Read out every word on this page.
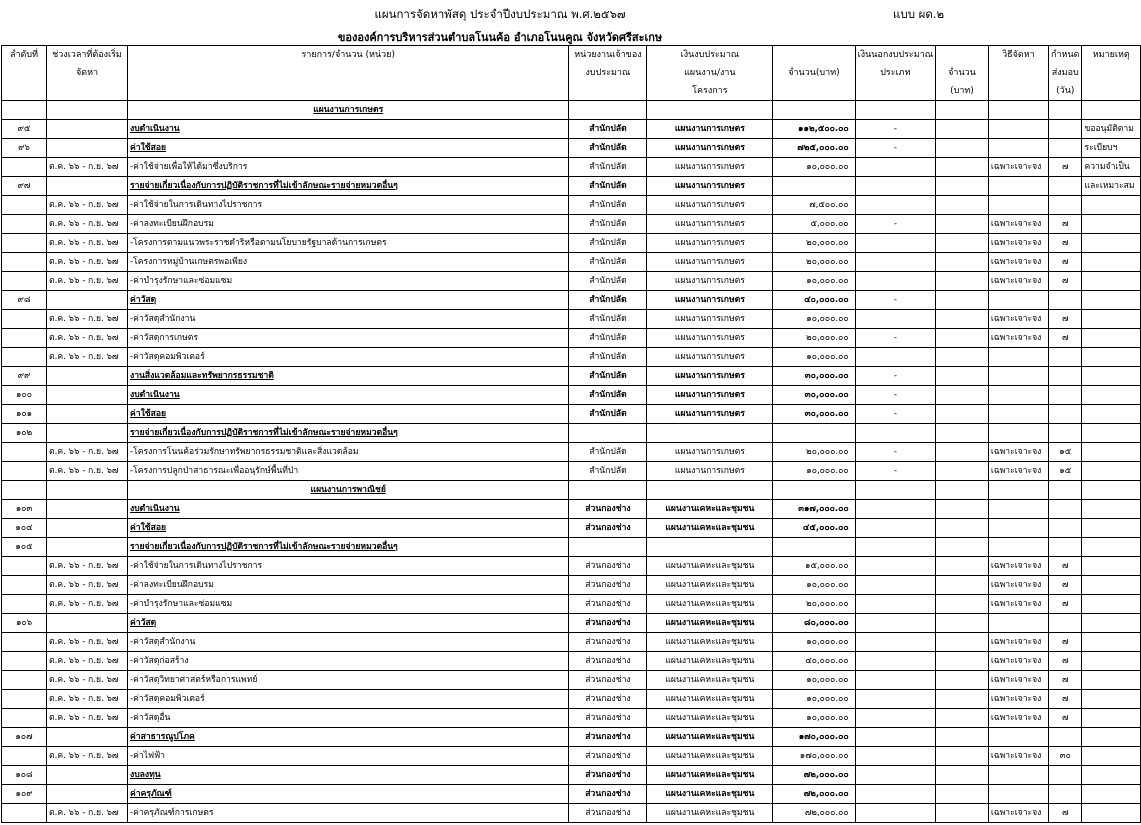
แผนการจัดหาพัสดุ ประจำปีงบประมาณ พ.ศ.๒๕๖๗	แบบ ผด.๒
ขององค์การบริหารส่วนตำบลโนนค้อ อำเภอโนนคูณ จังหวัดศรีสะเกษ
ลำดับที่	ช่วงเวลาที่ต้องเริ่ม	รายการ/จำนวน (หน่วย)	หน่วยงานเจ้าของ	เงินงบประมาณ		เงินนอกงบประมาณ		วิธีจัดหา	กำหนด	หมายเหตุ
	จัดหา		งบประมาณ	แผนงาน/งาน	จำนวน(บาท)	ประเภท	จำนวน		ส่งมอบ	
				โครงการ			(บาท)		(วัน)	
		แผนงานการเกษตร								
๙๕		งบดำเนินงาน	สำนักปลัด	แผนงานการเกษตร	๑๑๒,๕๐๐.๐๐	-				ขออนุมัติตาม
๙๖		ค่าใช้สอย	สำนักปลัด	แผนงานการเกษตร	๗๒๕,๐๐๐.๐๐	-				ระเบียบฯ
	ต.ค. ๖๖ - ก.ย. ๖๗	-ค่าใช้จ่ายเพื่อให้ได้มาซึ่งบริการ	สำนักปลัด	แผนงานการเกษตร	๑๐,๐๐๐.๐๐			เฉพาะเจาะจง	๗	ความจำเป็น
๙๗		รายจ่ายเกี่ยวเนื่องกับการปฏิบัติราชการที่ไม่เข้าลักษณะรายจ่ายหมวดอื่นๆ	สำนักปลัด	แผนงานการเกษตร						และเหมาะสม
	ต.ค. ๖๖ - ก.ย. ๖๗	-ค่าใช้จ่ายในการเดินทางไปราชการ	สำนักปลัด	แผนงานการเกษตร	๗,๕๐๐.๐๐					
	ต.ค. ๖๖ - ก.ย. ๖๗	-ค่าลงทะเบียนฝึกอบรม	สำนักปลัด	แผนงานการเกษตร	๕,๐๐๐.๐๐	-		เฉพาะเจาะจง	๗	
	ต.ค. ๖๖ - ก.ย. ๖๗	-โครงการตามแนวพระราชดำริหรือตามนโยบายรัฐบาลด้านการเกษตร	สำนักปลัด	แผนงานการเกษตร	๒๐,๐๐๐.๐๐			เฉพาะเจาะจง	๗	
	ต.ค. ๖๖ - ก.ย. ๖๗	-โครงการหมู่บ้านเกษตรพอเพียง	สำนักปลัด	แผนงานการเกษตร	๒๐,๐๐๐.๐๐			เฉพาะเจาะจง	๗	
	ต.ค. ๖๖ - ก.ย. ๖๗	-ค่าบำรุงรักษาและซ่อมแซม	สำนักปลัด	แผนงานการเกษตร	๑๐,๐๐๐.๐๐			เฉพาะเจาะจง	๗	
๙๘		ค่าวัสดุ	สำนักปลัด	แผนงานการเกษตร	๔๐,๐๐๐.๐๐	-				
	ต.ค. ๖๖ - ก.ย. ๖๗	-ค่าวัสดุสำนักงาน	สำนักปลัด	แผนงานการเกษตร	๑๐,๐๐๐.๐๐			เฉพาะเจาะจง	๗	
	ต.ค. ๖๖ - ก.ย. ๖๗	-ค่าวัสดุการเกษตร	สำนักปลัด	แผนงานการเกษตร	๒๐,๐๐๐.๐๐	-		เฉพาะเจาะจง	๗	
	ต.ค. ๖๖ - ก.ย. ๖๗	-ค่าวัสดุคอมพิวเตอร์	สำนักปลัด	แผนงานการเกษตร	๑๐,๐๐๐.๐๐					
๙๙		งานสิ่งแวดล้อมและทรัพยากรธรรมชาติ	สำนักปลัด	แผนงานการเกษตร	๓๐,๐๐๐.๐๐	-				
๑๐๐		งบดำเนินงาน	สำนักปลัด	แผนงานการเกษตร	๓๐,๐๐๐.๐๐	-				
๑๐๑		ค่าใช้สอย	สำนักปลัด	แผนงานการเกษตร	๓๐,๐๐๐.๐๐	-				
๑๐๒		รายจ่ายเกี่ยวเนื่องกับการปฏิบัติราชการที่ไม่เข้าลักษณะรายจ่ายหมวดอื่นๆ								
	ต.ค. ๖๖ - ก.ย. ๖๗	-โครงการโนนค้อร่วมรักษาทรัพยากรธรรมชาติและสิ่งแวดล้อม	สำนักปลัด	แผนงานการเกษตร	๒๐,๐๐๐.๐๐	-		เฉพาะเจาะจง	๑๕	
	ต.ค. ๖๖ - ก.ย. ๖๗	-โครงการปลูกป่าสาธารณะเพื่ออนุรักษ์พื้นที่ป่า	สำนักปลัด	แผนงานการเกษตร	๑๐,๐๐๐.๐๐	-		เฉพาะเจาะจง	๑๕	
		แผนงานการพาณิชย์								
๑๐๓		งบดำเนินงาน	ส่วนกองช่าง	แผนงานเคหะและชุมชน	๓๑๗,๐๐๐.๐๐					
๑๐๔		ค่าใช้สอย	ส่วนกองช่าง	แผนงานเคหะและชุมชน	๔๕,๐๐๐.๐๐					
๑๐๕		รายจ่ายเกี่ยวเนื่องกับการปฏิบัติราชการที่ไม่เข้าลักษณะรายจ่ายหมวดอื่นๆ								
	ต.ค. ๖๖ - ก.ย. ๖๗	-ค่าใช้จ่ายในการเดินทางไปราชการ	ส่วนกองช่าง	แผนงานเคหะและชุมชน	๑๕,๐๐๐.๐๐			เฉพาะเจาะจง	๗	
	ต.ค. ๖๖ - ก.ย. ๖๗	-ค่าลงทะเบียนฝึกอบรม	ส่วนกองช่าง	แผนงานเคหะและชุมชน	๑๐,๐๐๐.๐๐			เฉพาะเจาะจง	๗	
	ต.ค. ๖๖ - ก.ย. ๖๗	-ค่าบำรุงรักษาและซ่อมแซม	ส่วนกองช่าง	แผนงานเคหะและชุมชน	๒๐,๐๐๐.๐๐			เฉพาะเจาะจง	๗	
๑๐๖		ค่าวัสดุ	ส่วนกองช่าง	แผนงานเคหะและชุมชน	๘๐,๐๐๐.๐๐					
	ต.ค. ๖๖ - ก.ย. ๖๗	-ค่าวัสดุสำนักงาน	ส่วนกองช่าง	แผนงานเคหะและชุมชน	๑๐,๐๐๐.๐๐			เฉพาะเจาะจง	๗	
	ต.ค. ๖๖ - ก.ย. ๖๗	-ค่าวัสดุก่อสร้าง	ส่วนกองช่าง	แผนงานเคหะและชุมชน	๔๐,๐๐๐.๐๐			เฉพาะเจาะจง	๗	
	ต.ค. ๖๖ - ก.ย. ๖๗	-ค่าวัสดุวิทยาศาสตร์หรือการแพทย์	ส่วนกองช่าง	แผนงานเคหะและชุมชน	๑๐,๐๐๐.๐๐			เฉพาะเจาะจง	๗	
	ต.ค. ๖๖ - ก.ย. ๖๗	-ค่าวัสดุคอมพิวเตอร์	ส่วนกองช่าง	แผนงานเคหะและชุมชน	๑๐,๐๐๐.๐๐			เฉพาะเจาะจง	๗	
	ต.ค. ๖๖ - ก.ย. ๖๗	-ค่าวัสดุอื่น	ส่วนกองช่าง	แผนงานเคหะและชุมชน	๑๐,๐๐๐.๐๐			เฉพาะเจาะจง	๗	
๑๐๗		ค่าสาธารณูปโภค	ส่วนกองช่าง	แผนงานเคหะและชุมชน	๑๗๐,๐๐๐.๐๐					
	ต.ค. ๖๖ - ก.ย. ๖๗	-ค่าไฟฟ้า	ส่วนกองช่าง	แผนงานเคหะและชุมชน	๑๗๐,๐๐๐.๐๐			เฉพาะเจาะจง	๓๐	
๑๐๘		งบลงทุน	ส่วนกองช่าง	แผนงานเคหะและชุมชน	๗๒,๐๐๐.๐๐					
๑๐๙		ค่าครุภัณฑ์	ส่วนกองช่าง	แผนงานเคหะและชุมชน	๗๒,๐๐๐.๐๐					
	ต.ค. ๖๖ - ก.ย. ๖๗	-ค่าครุภัณฑ์การเกษตร	ส่วนกองช่าง	แผนงานเคหะและชุมชน	๗๒,๐๐๐.๐๐			เฉพาะเจาะจง	๗	
